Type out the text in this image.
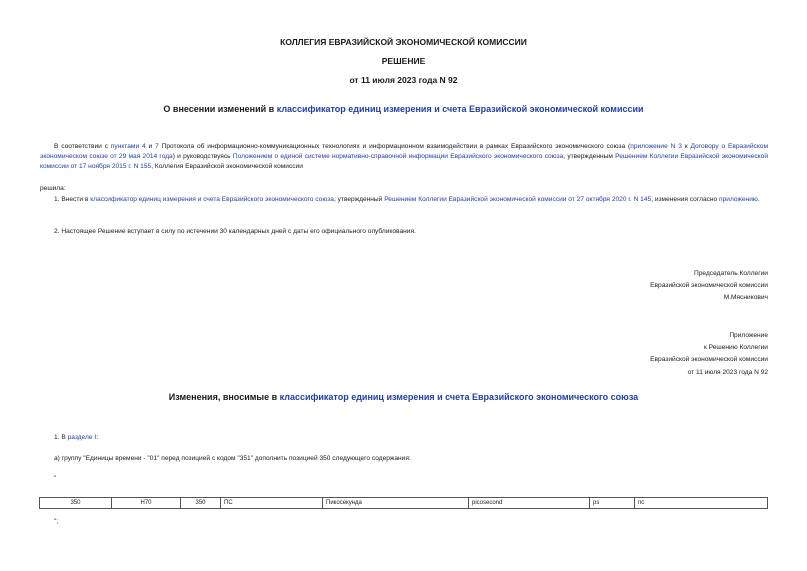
КОЛЛЕГИЯ ЕВРАЗИЙСКОЙ ЭКОНОМИЧЕСКОЙ КОМИССИИ
РЕШЕНИЕ
от 11 июля 2023 года N 92
О внесении изменений в классификатор единиц измерения и счета Евразийской экономической комиссии
В соответствии с пунктами 4 и 7 Протокола об информационно-коммуникационных технологиях и информационном взаимодействии в рамках Евразийского экономического союза (приложение N 3 к Договору о Евразийском экономическом союзе от 29 мая 2014 года) и руководствуясь Положением о единой системе нормативно-справочной информации Евразийского экономического союза, утвержденным Решением Коллегии Евразийской экономической комиссии от 17 ноября 2015 г. N 155, Коллегия Евразийской экономической комиссии
решила:
1. Внести в классификатор единиц измерения и счета Евразийского экономического союза, утвержденный Решением Коллегии Евразийской экономической комиссии от 27 октября 2020 г. N 145, изменения согласно приложению.
2. Настоящее Решение вступает в силу по истечении 30 календарных дней с даты его официального опубликования.
Председатель Коллегии
Евразийской экономической комиссии
М.Мясникович
Приложение
к Решению Коллегии
Евразийской экономической комиссии
от 11 июля 2023 года N 92
Изменения, вносимые в классификатор единиц измерения и счета Евразийского экономического союза
1. В разделе I:
а) группу "Единицы времени - "01" перед позицией с кодом "351" дополнить позицией 350 следующего содержания:
"
350	H70	350	ПС	Пикосекунда	picosecond	ps	пс
";
